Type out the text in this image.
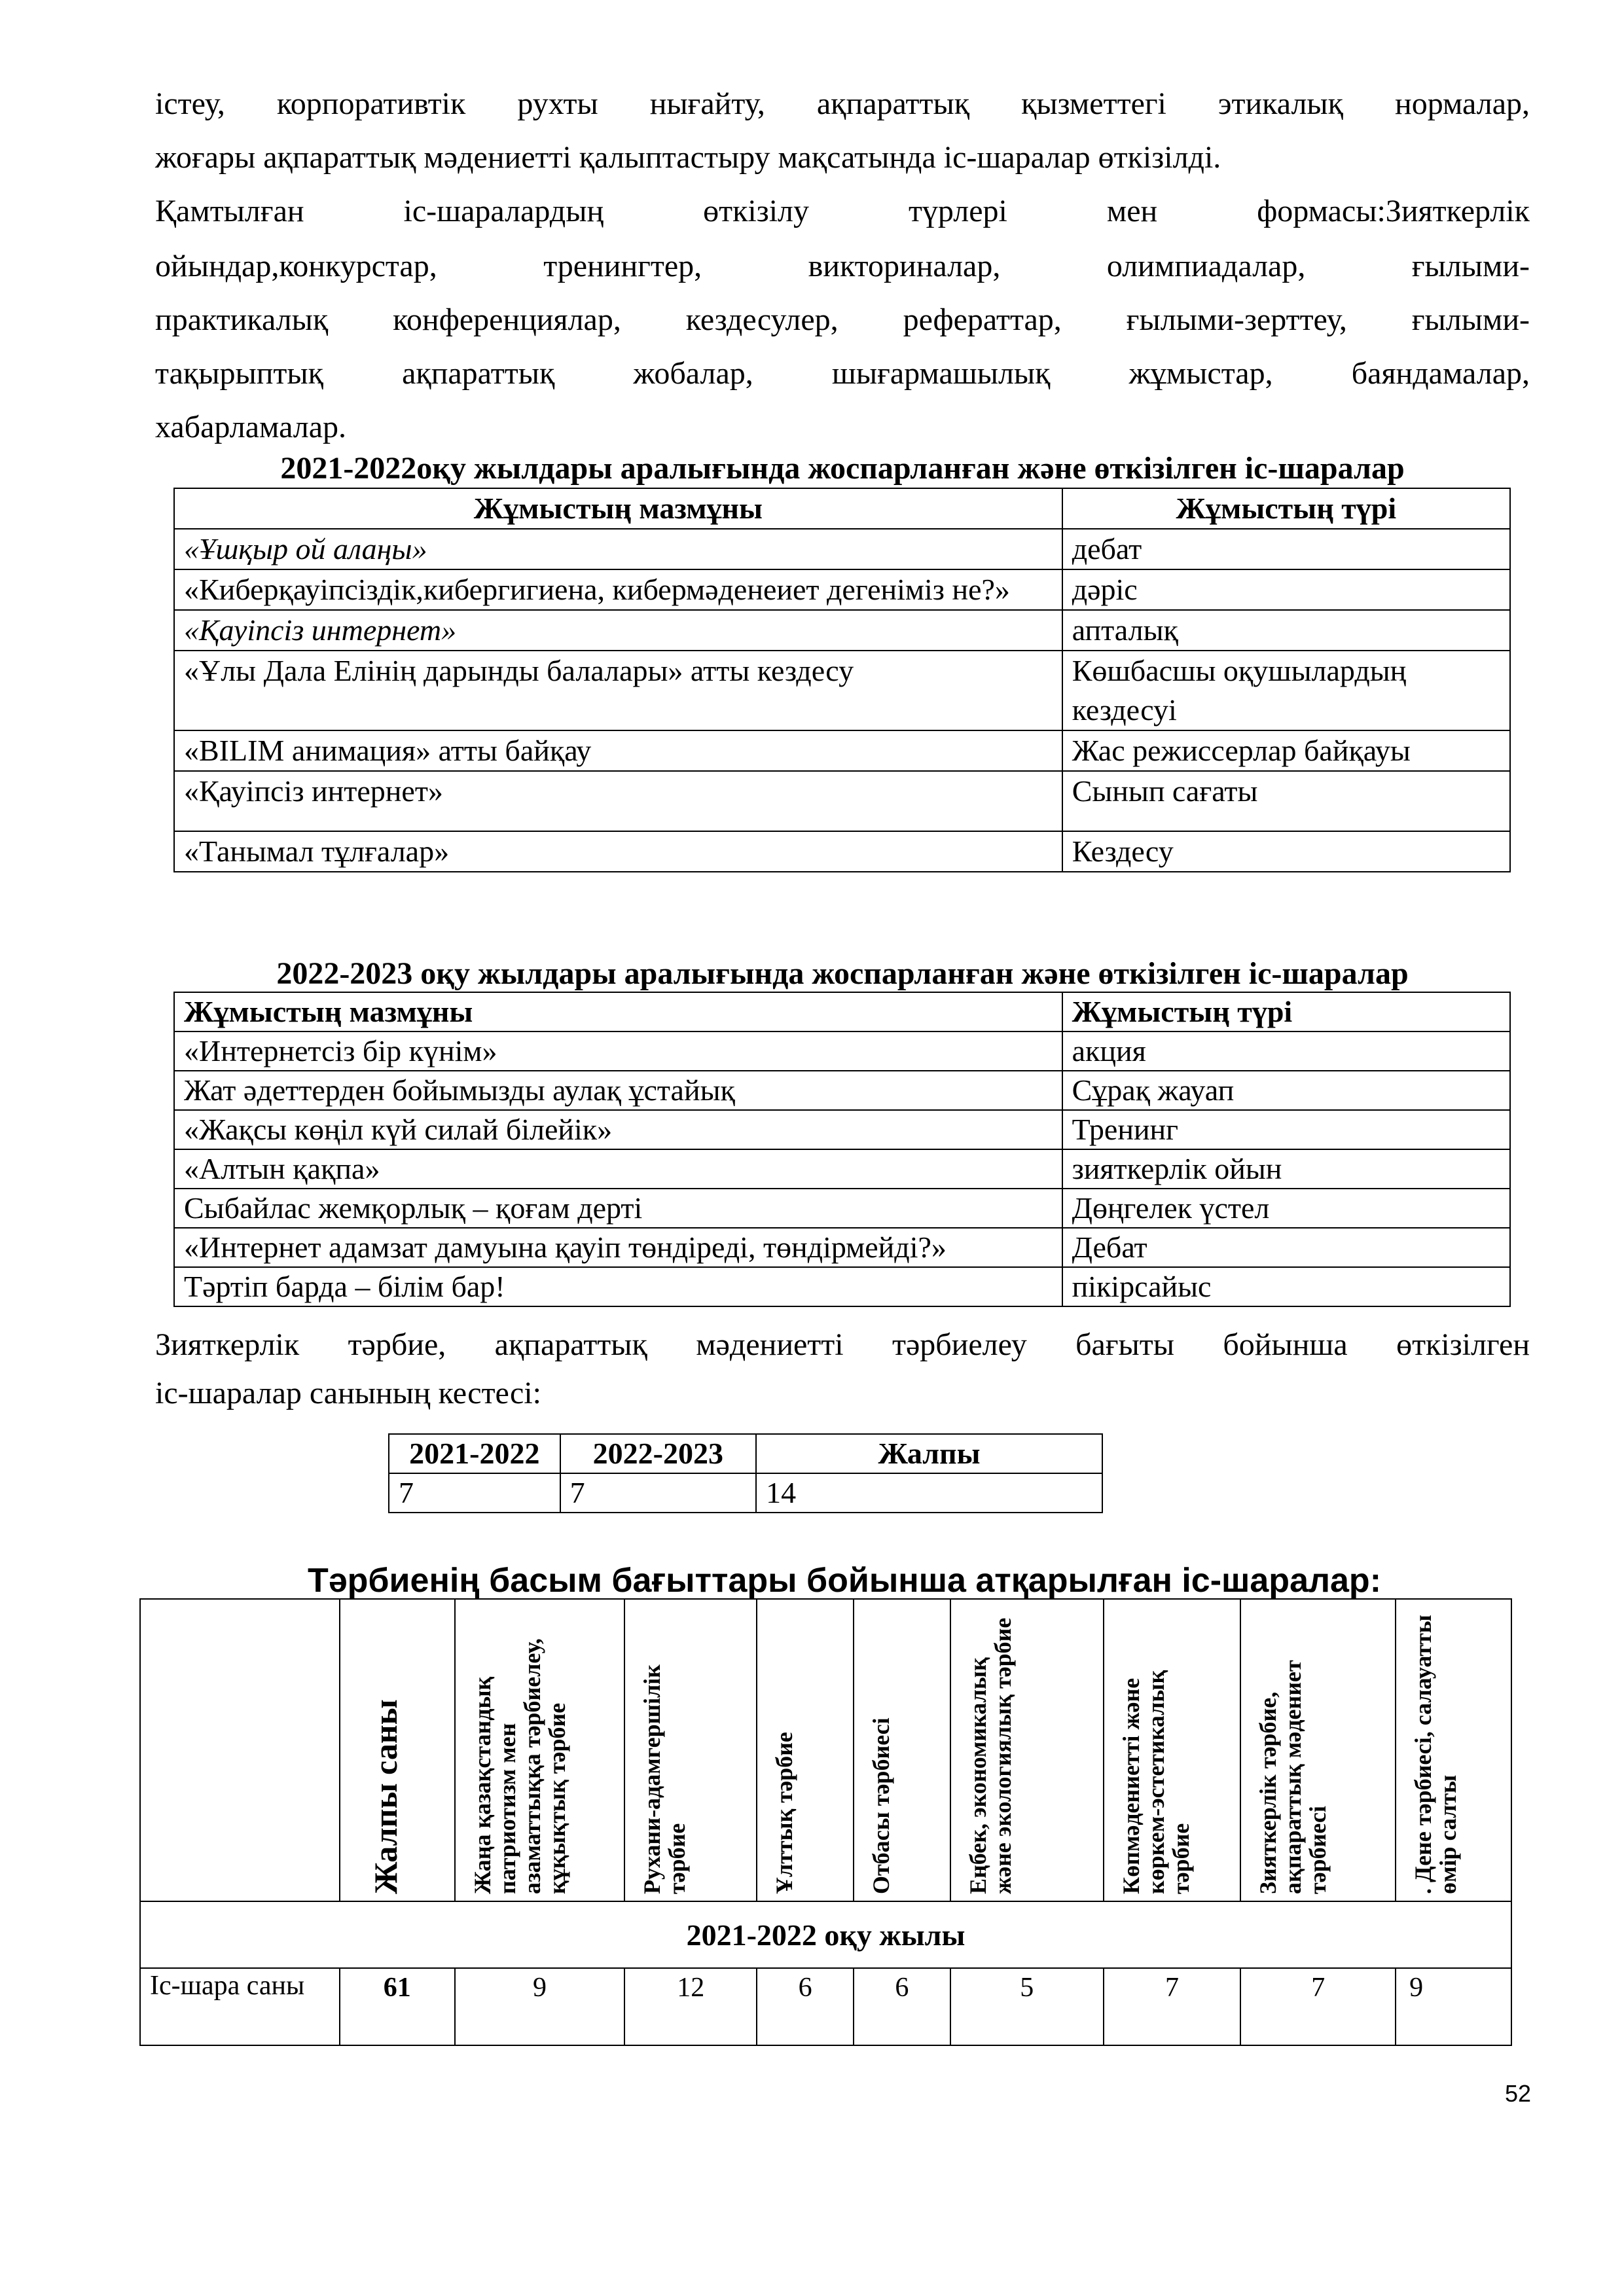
істеу, корпоративтік рухты нығайту, ақпараттық қызметтегі этикалық нормалар,
жоғары ақпараттық мәдениетті қалыптастыру мақсатында іс-шаралар өткізілді.
Қамтылған іс-шаралардың өткізілу түрлері мен формасы:Зияткерлік
ойындар,конкурстар, тренингтер, викториналар, олимпиадалар, ғылыми-
практикалық конференциялар, кездесулер, рефераттар, ғылыми-зерттеу, ғылыми-
тақырыптық ақпараттық жобалар, шығармашылық жұмыстар, баяндамалар,
хабарламалар.
2021-2022оқу жылдары аралығында жоспарланған және өткізілген іс-шаралар
Жұмыстың мазмұны	Жұмыстың түрі
«Ұшқыр ой алаңы»	дебат
«Киберқауіпсіздік,кибергигиена, кибермәденеиет дегеніміз не?»	дәріс
«Қауіпсіз интернет»	апталық
«Ұлы Дала Елінің дарынды балалары» атты кездесу	Көшбасшы оқушылардың кездесуі
«BILIM анимация» атты байқау	Жас режиссерлар байқауы
«Қауіпсіз интернет»	Сынып сағаты
«Танымал тұлғалар»	Кездесу
2022-2023 оқу жылдары аралығында жоспарланған және өткізілген іс-шаралар
Жұмыстың мазмұны	Жұмыстың түрі
«Интернетсіз бір күнім»	акция
Жат әдеттерден бойымызды аулақ ұстайық	Сұрақ жауап
«Жақсы көңіл күй силай білейік»	Тренинг
«Алтын қақпа»	зияткерлік ойын
Сыбайлас жемқорлық – қоғам дерті	Дөңгелек үстел
«Интернет адамзат дамуына қауіп төндіреді, төндірмейді?»	Дебат
Тәртіп барда – білім бар!	пікірсайыс
Зияткерлік тәрбие, ақпараттық мәдениетті тәрбиелеу бағыты бойынша өткізілген
іс-шаралар санының кестесі:
2021-2022	2022-2023	Жалпы
7	7	14
Тәрбиенің басым бағыттары бойынша атқарылған іс-шаралар:

	Жалпы саны	Жаңа қазақстандық патриотизм мен азаматтыққа тәрбиелеу, құқықтық тәрбие	Рухани-адамгершілік тәрбие	Ұлттық тәрбие	Отбасы тәрбиесі	Еңбек, экономикалық және экологиялық тәрбие	Көпмәдениетті және көркем-эстетикалық тәрбие	Зияткерлік тәрбие, ақпараттық мәдениет тәрбиесі	. Дене тәрбиесі, салауатты өмір салты

2021-2022 оқу жылы									
Іс-шара саны	61	9	12	6	6	5	7	7	9
52
